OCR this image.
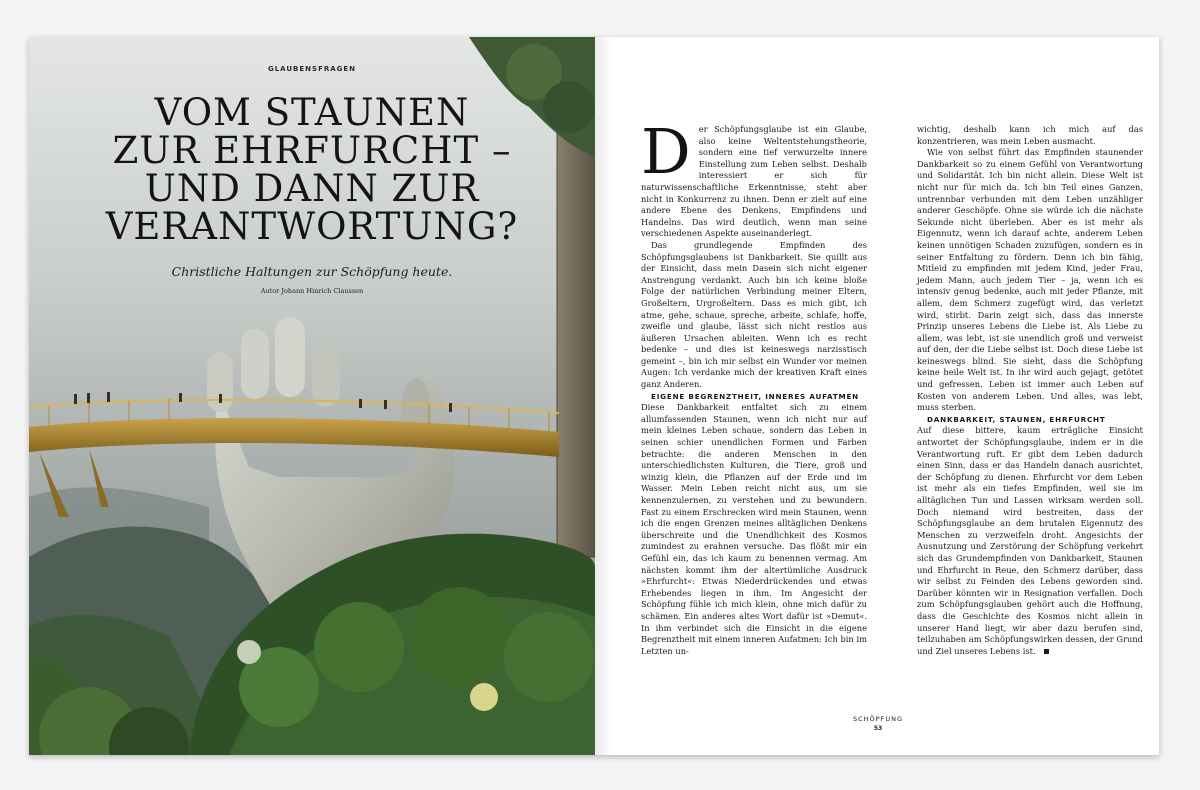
GLAUBENSFRAGEN
VOM STAUNEN
ZUR EHRFURCHT –
UND DANN ZUR
VERANTWORTUNG?
Christliche Haltungen zur Schöpfung heute.
Autor Johann Hinrich Claussen

Der Schöpfungsglaube ist ein Glaube, also keine Weltentstehungstheorie, sondern eine tief verwurzelte innere Einstellung zum Leben selbst. Deshalb interessiert er sich für naturwissenschaftliche Erkenntnisse, steht aber nicht in Konkurrenz zu ihnen. Denn er zielt auf eine andere Ebene des Denkens, Empfindens und Handelns. Das wird deutlich, wenn man seine verschiedenen Aspekte auseinanderlegt.

Das grundlegende Empfinden des Schöpfungsglaubens ist Dankbarkeit. Sie quillt aus der Einsicht, dass mein Dasein sich nicht eigener Anstrengung verdankt. Auch bin ich keine bloße Folge der natürlichen Verbindung meiner Eltern, Großeltern, Urgroßeltern. Dass es mich gibt, ich atme, gehe, schaue, spreche, arbeite, schlafe, hoffe, zweifle und glaube, lässt sich nicht restlos aus äußeren Ursachen ableiten. Wenn ich es recht bedenke – und dies ist keineswegs narzisstisch gemeint –, bin ich mir selbst ein Wunder vor meinen Augen: Ich verdanke mich der kreativen Kraft eines ganz Anderen.

EIGENE BEGRENZTHEIT, INNERES AUFATMEN

Diese Dankbarkeit entfaltet sich zu einem allumfassenden Staunen, wenn ich nicht nur auf mein kleines Leben schaue, sondern das Leben in seinen schier unendlichen Formen und Farben betrachte: die anderen Menschen in den unterschiedlichsten Kulturen, die Tiere, groß und winzig klein, die Pflanzen auf der Erde und im Wasser. Mein Leben reicht nicht aus, um sie kennenzulernen, zu verstehen und zu bewundern. Fast zu einem Erschrecken wird mein Staunen, wenn ich die engen Grenzen meines alltäglichen Denkens überschreite und die Unendlichkeit des Kosmos zumindest zu erahnen versuche. Das flößt mir ein Gefühl ein, das ich kaum zu benennen vermag. Am nächsten kommt ihm der altertümliche Ausdruck »Ehrfurcht«: Etwas Niederdrückendes und etwas Erhebendes liegen in ihm. Im Angesicht der Schöpfung fühle ich mich klein, ohne mich dafür zu schämen. Ein anderes altes Wort dafür ist »Demut«. In ihm verbindet sich die Einsicht in die eigene Begrenztheit mit einem inneren Aufatmen: Ich bin im Letzten un-

wichtig, deshalb kann ich mich auf das konzentrieren, was mein Leben ausmacht.

Wie von selbst führt das Empfinden staunender Dankbarkeit so zu einem Gefühl von Verantwortung und Solidarität. Ich bin nicht allein. Diese Welt ist nicht nur für mich da. Ich bin Teil eines Ganzen, untrennbar verbunden mit dem Leben unzähliger anderer Geschöpfe. Ohne sie würde ich die nächste Sekunde nicht überleben. Aber es ist mehr als Eigennutz, wenn ich darauf achte, anderem Leben keinen unnötigen Schaden zuzufügen, sondern es in seiner Entfaltung zu fördern. Denn ich bin fähig, Mitleid zu empfinden mit jedem Kind, jeder Frau, jedem Mann, auch jedem Tier – ja, wenn ich es intensiv genug bedenke, auch mit jeder Pflanze, mit allem, dem Schmerz zugefügt wird, das verletzt wird, stirbt. Darin zeigt sich, dass das innerste Prinzip unseres Lebens die Liebe ist. Als Liebe zu allem, was lebt, ist sie unendlich groß und verweist auf den, der die Liebe selbst ist. Doch diese Liebe ist keineswegs blind. Sie sieht, dass die Schöpfung keine heile Welt ist. In ihr wird auch gejagt, getötet und gefressen. Leben ist immer auch Leben auf Kosten von anderem Leben. Und alles, was lebt, muss sterben.

DANKBARKEIT, STAUNEN, EHRFURCHT

Auf diese bittere, kaum erträgliche Einsicht antwortet der Schöpfungsglaube, indem er in die Verantwortung ruft. Er gibt dem Leben dadurch einen Sinn, dass er das Handeln danach ausrichtet, der Schöpfung zu dienen. Ehrfurcht vor dem Leben ist mehr als ein tiefes Empfinden, weil sie im alltäglichen Tun und Lassen wirksam werden soll. Doch niemand wird bestreiten, dass der Schöpfungsglaube an dem brutalen Eigennutz des Menschen zu verzweifeln droht. Angesichts der Ausnutzung und Zerstörung der Schöpfung verkehrt sich das Grundempfinden von Dankbarkeit, Staunen und Ehrfurcht in Reue, den Schmerz darüber, dass wir selbst zu Feinden des Lebens geworden sind. Darüber könnten wir in Resignation verfallen. Doch zum Schöpfungsglauben gehört auch die Hoffnung, dass die Geschichte des Kosmos nicht allein in unserer Hand liegt, wir aber dazu berufen sind, teilzuhaben am Schöpfungswirken dessen, der Grund und Ziel unseres Lebens ist.

SCHÖPFUNG
53
